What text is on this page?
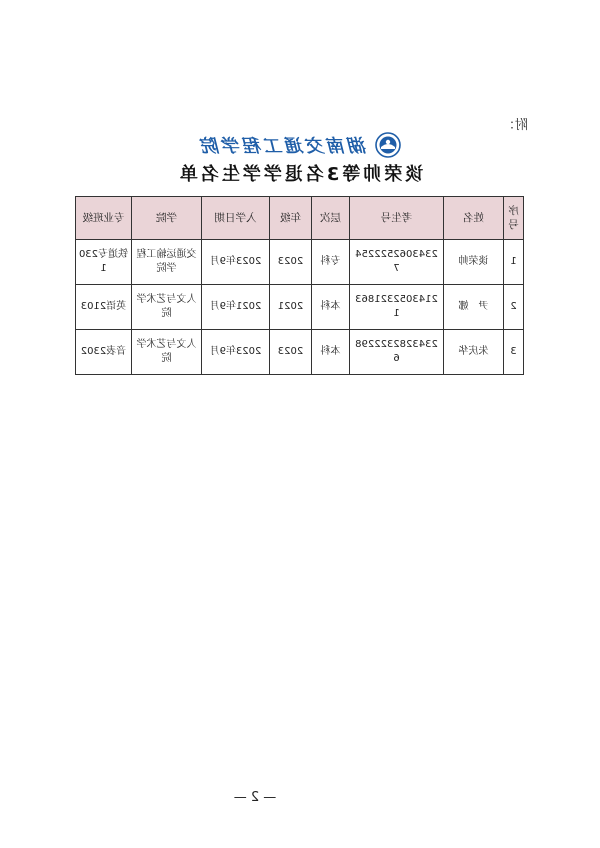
附：
湖南交通工程学院
谈荣帅等3名退学学生名单
序号	姓名	考生号	层次	年级	入学日期	学院	专业班级
1	谈荣帅	23430625222547	专科	2023	2023年9月	交通运输工程学院	铁道专2301
2	尹　娜	21430523218631	本科	2021	2021年9月	人文与艺术学院	英语2103
3	朱庆华	23432823222986	本科	2023	2023年9月	人文与艺术学院	音表2302
— 2 —
